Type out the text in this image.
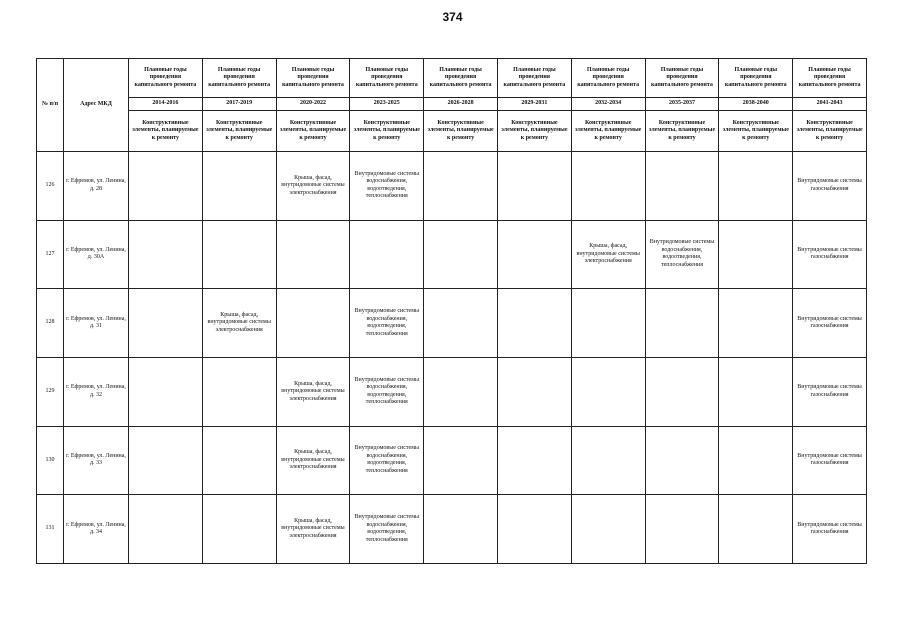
374
№ п/п	Адрес МКД	Плановые годы проведения капитального ремонта	Плановые годы проведения капитального ремонта	Плановые годы проведения капитального ремонта	Плановые годы проведения капитального ремонта	Плановые годы проведения капитального ремонта	Плановые годы проведения капитального ремонта	Плановые годы проведения капитального ремонта	Плановые годы проведения капитального ремонта	Плановые годы проведения капитального ремонта	Плановые годы проведения капитального ремонта
		2014-2016	2017-2019	2020-2022	2023-2025	2026-2028	2029-2031	2032-2034	2035-2037	2038-2040	2041-2043
		Конструктивные элементы, планируемые к ремонту	Конструктивные элементы, планируемые к ремонту	Конструктивные элементы, планируемые к ремонту	Конструктивные элементы, планируемые к ремонту	Конструктивные элементы, планируемые к ремонту	Конструктивные элементы, планируемые к ремонту	Конструктивные элементы, планируемые к ремонту	Конструктивные элементы, планируемые к ремонту	Конструктивные элементы, планируемые к ремонту	Конструктивные элементы, планируемые к ремонту
126	г. Ефремов, ул. Ленина, д. 28			Крыша, фасад, внутридомовые системы электроснабжения	Внутридомовые системы водоснабжения, водоотведения, теплоснабжения						Внутридомовые системы газоснабжения
127	г. Ефремов, ул. Ленина, д. 30А							Крыша, фасад, внутридомовые системы электроснабжения	Внутридомовые системы водоснабжения, водоотведения, теплоснабжения		Внутридомовые системы газоснабжения
128	г. Ефремов, ул. Ленина, д. 31		Крыша, фасад, внутридомовые системы электроснабжения		Внутридомовые системы водоснабжения, водоотведения, теплоснабжения						Внутридомовые системы газоснабжения
129	г. Ефремов, ул. Ленина, д. 32			Крыша, фасад, внутридомовые системы электроснабжения	Внутридомовые системы водоснабжения, водоотведения, теплоснабжения						Внутридомовые системы газоснабжения
130	г. Ефремов, ул. Ленина, д. 33			Крыша, фасад, внутридомовые системы электроснабжения	Внутридомовые системы водоснабжения, водоотведения, теплоснабжения						Внутридомовые системы газоснабжения
131	г. Ефремов, ул. Ленина, д. 34			Крыша, фасад, внутридомовые системы электроснабжения	Внутридомовые системы водоснабжения, водоотведения, теплоснабжения						Внутридомовые системы газоснабжения
